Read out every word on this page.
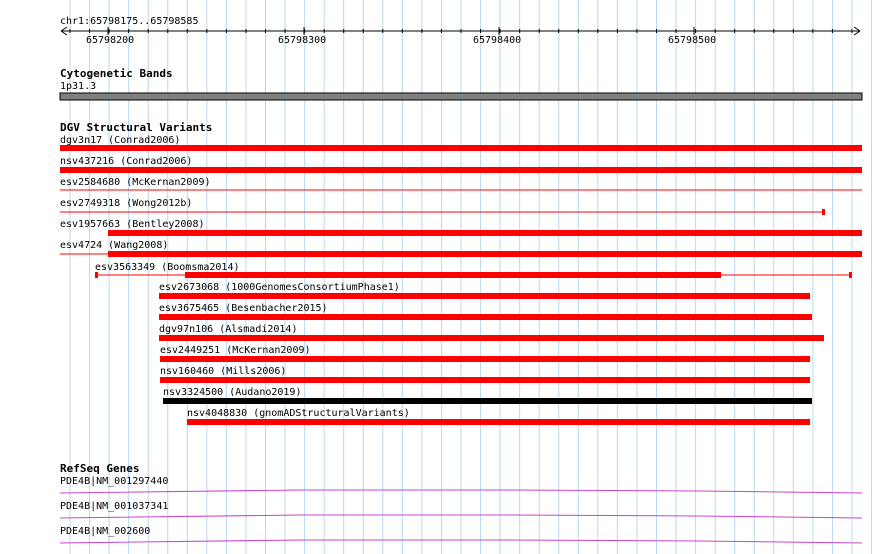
chr1:65798175..65798585
65798200	65798300	65798400	65798500
Cytogenetic Bands
1p31.3
DGV Structural Variants
dgv3n17 (Conrad2006)
nsv437216 (Conrad2006)
esv2584680 (McKernan2009)
esv2749318 (Wong2012b)
esv1957663 (Bentley2008)
esv4724 (Wang2008)
esv3563349 (Boomsma2014)
esv2673068 (1000GenomesConsortiumPhase1)
esv3675465 (Besenbacher2015)
dgv97n106 (Alsmadi2014)
esv2449251 (McKernan2009)
nsv160460 (Mills2006)
nsv3324500 (Audano2019)
nsv4048830 (gnomADStructuralVariants)
RefSeq Genes
PDE4B|NM_001297440
PDE4B|NM_001037341
PDE4B|NM_002600
